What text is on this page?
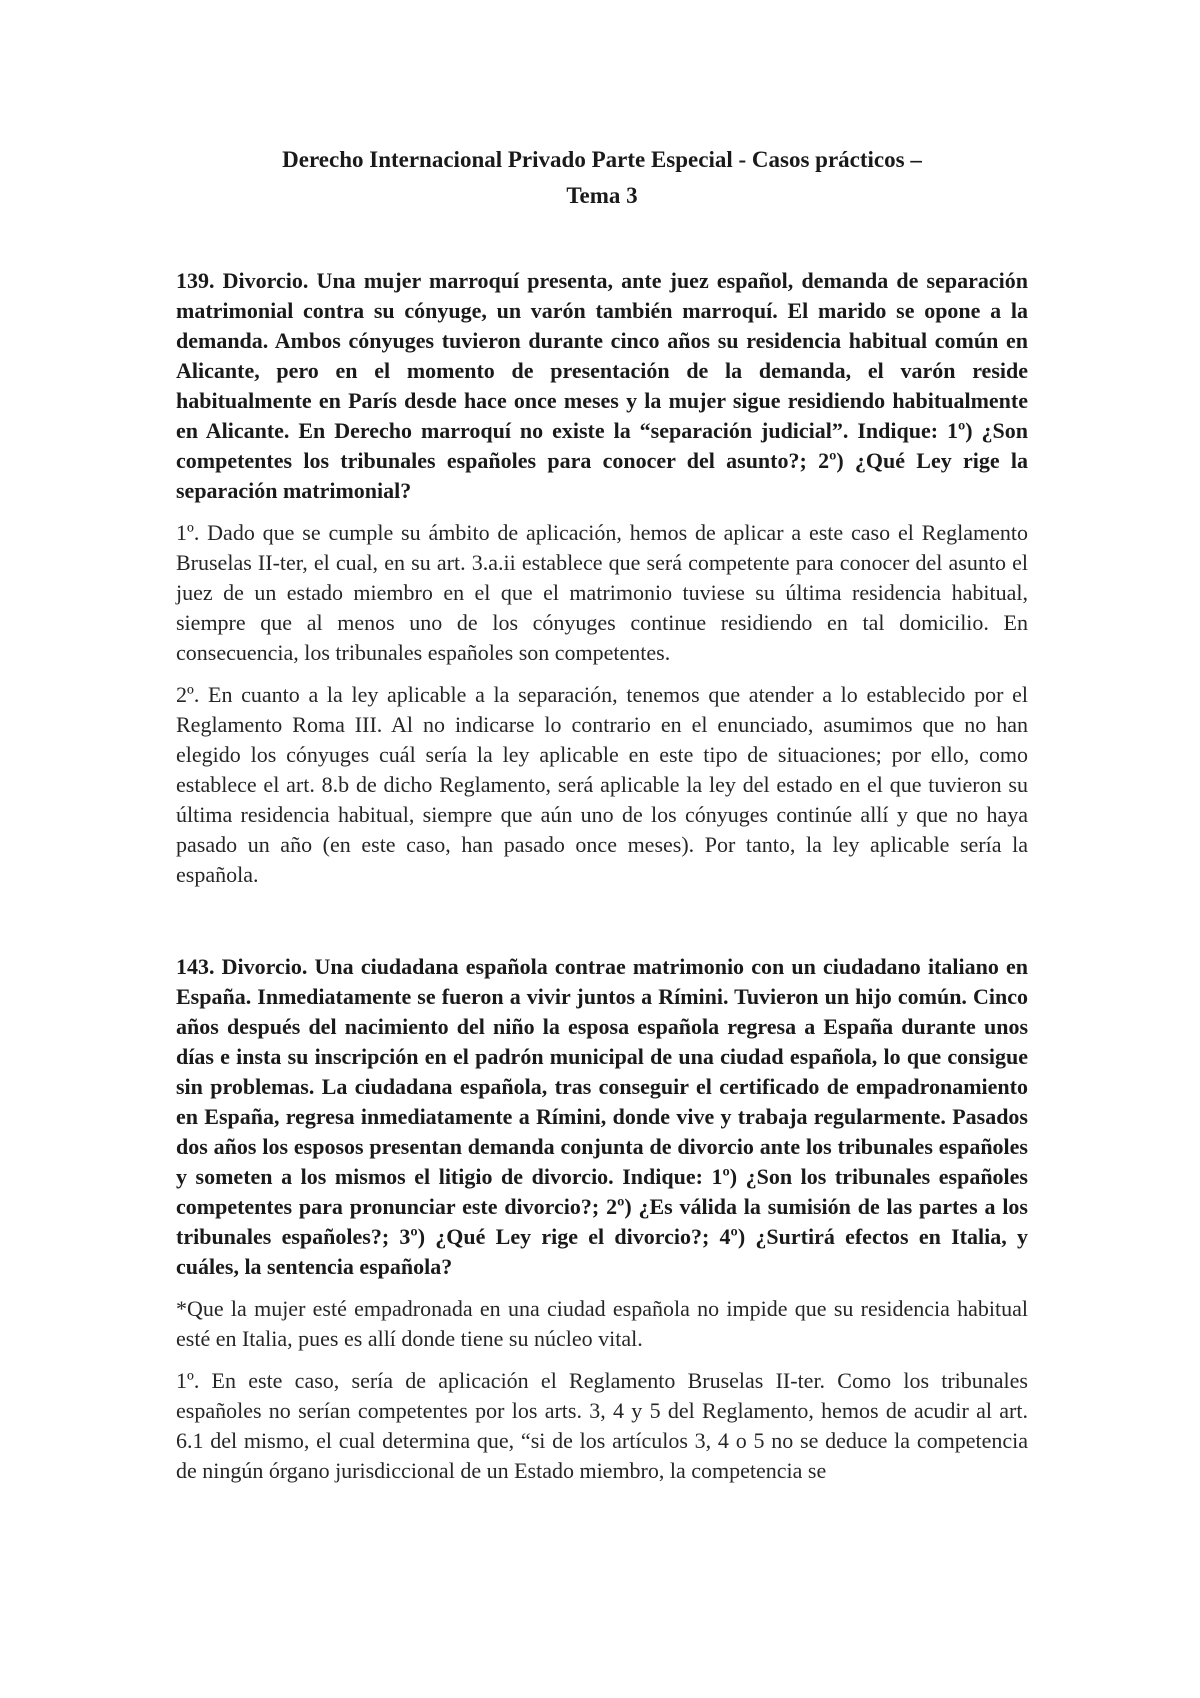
Derecho Internacional Privado Parte Especial - Casos prácticos –
Tema 3

139. Divorcio. Una mujer marroquí presenta, ante juez español, demanda de separación matrimonial contra su cónyuge, un varón también marroquí. El marido se opone a la demanda. Ambos cónyuges tuvieron durante cinco años su residencia habitual común en Alicante, pero en el momento de presentación de la demanda, el varón reside habitualmente en París desde hace once meses y la mujer sigue residiendo habitualmente en Alicante. En Derecho marroquí no existe la “separación judicial”. Indique: 1º) ¿Son competentes los tribunales españoles para conocer del asunto?; 2º) ¿Qué Ley rige la separación matrimonial?

1º. Dado que se cumple su ámbito de aplicación, hemos de aplicar a este caso el Reglamento Bruselas II-ter, el cual, en su art. 3.a.ii establece que será competente para conocer del asunto el juez de un estado miembro en el que el matrimonio tuviese su última residencia habitual, siempre que al menos uno de los cónyuges continue residiendo en tal domicilio. En consecuencia, los tribunales españoles son competentes.

2º. En cuanto a la ley aplicable a la separación, tenemos que atender a lo establecido por el Reglamento Roma III. Al no indicarse lo contrario en el enunciado, asumimos que no han elegido los cónyuges cuál sería la ley aplicable en este tipo de situaciones; por ello, como establece el art. 8.b de dicho Reglamento, será aplicable la ley del estado en el que tuvieron su última residencia habitual, siempre que aún uno de los cónyuges continúe allí y que no haya pasado un año (en este caso, han pasado once meses). Por tanto, la ley aplicable sería la española.

143. Divorcio. Una ciudadana española contrae matrimonio con un ciudadano italiano en España. Inmediatamente se fueron a vivir juntos a Rímini. Tuvieron un hijo común. Cinco años después del nacimiento del niño la esposa española regresa a España durante unos días e insta su inscripción en el padrón municipal de una ciudad española, lo que consigue sin problemas. La ciudadana española, tras conseguir el certificado de empadronamiento en España, regresa inmediatamente a Rímini, donde vive y trabaja regularmente. Pasados dos años los esposos presentan demanda conjunta de divorcio ante los tribunales españoles y someten a los mismos el litigio de divorcio. Indique: 1º) ¿Son los tribunales españoles competentes para pronunciar este divorcio?; 2º) ¿Es válida la sumisión de las partes a los tribunales españoles?; 3º) ¿Qué Ley rige el divorcio?; 4º) ¿Surtirá efectos en Italia, y cuáles, la sentencia española?

*Que la mujer esté empadronada en una ciudad española no impide que su residencia habitual esté en Italia, pues es allí donde tiene su núcleo vital.

1º. En este caso, sería de aplicación el Reglamento Bruselas II-ter. Como los tribunales españoles no serían competentes por los arts. 3, 4 y 5 del Reglamento, hemos de acudir al art. 6.1 del mismo, el cual determina que, “si de los artículos 3, 4 o 5 no se deduce la competencia de ningún órgano jurisdiccional de un Estado miembro, la competencia se
